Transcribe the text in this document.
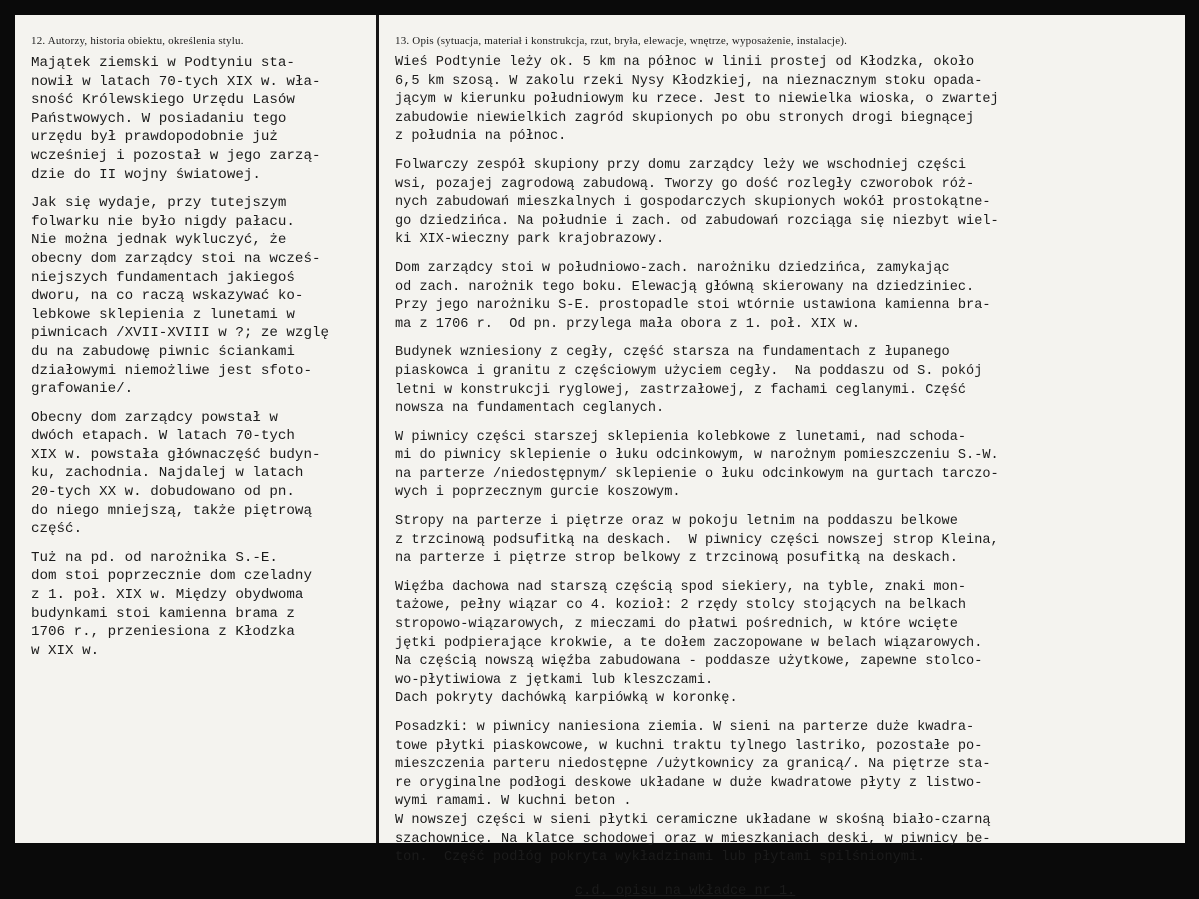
12. Autorzy, historia obiektu, określenia stylu.
Majątek ziemski w Podtyniu sta-
nowił w latach 70-tych XIX w. wła-
sność Królewskiego Urzędu Lasów
Państwowych. W posiadaniu tego
urzędu był prawdopodobnie już
wcześniej i pozostał w jego zarzą-
dzie do II wojny światowej.
Jak się wydaje, przy tutejszym
folwarku nie było nigdy pałacu.
Nie można jednak wykluczyć, że
obecny dom zarządcy stoi na wcześ-
niejszych fundamentach jakiegoś
dworu, na co raczą wskazywać ko-
lebkowe sklepienia z lunetami w
piwnicach /XVII-XVIII w ?; ze wzglę
du na zabudowę piwnic ściankami
działowymi niemożliwe jest sfoto-
grafowanie/.
Obecny dom zarządcy powstał w
dwóch etapach. W latach 70-tych
XIX w. powstała głównaczęść budyn-
ku, zachodnia. Najdalej w latach
20-tych XX w. dobudowano od pn.
do niego mniejszą, także piętrową
część.
Tuż na pd. od narożnika S.-E.
dom stoi poprzecznie dom czeladny
z 1. poł. XIX w. Między obydwoma
budynkami stoi kamienna brama z
1706 r., przeniesiona z Kłodzka
w XIX w.
13. Opis (sytuacja, materiał i konstrukcja, rzut, bryła, elewacje, wnętrze, wyposażenie, instalacje).
Wieś Podtynie leży ok. 5 km na północ w linii prostej od Kłodzka, około
6,5 km szosą. W zakolu rzeki Nysy Kłodzkiej, na nieznacznym stoku opada-
jącym w kierunku południowym ku rzece. Jest to niewielka wioska, o zwartej
zabudowie niewielkich zagród skupionych po obu stronych drogi biegnącej
z południa na północ.
Folwarczy zespół skupiony przy domu zarządcy leży we wschodniej części
wsi, pozajej zagrodową zabudową. Tworzy go dość rozległy czworobok róż-
nych zabudowań mieszkalnych i gospodarczych skupionych wokół prostokątne-
go dziedzińca. Na południe i zach. od zabudowań rozciąga się niezbyt wiel-
ki XIX-wieczny park krajobrazowy.
Dom zarządcy stoi w południowo-zach. narożniku dziedzińca, zamykając
od zach. narożnik tego boku. Elewacją główną skierowany na dziedziniec.
Przy jego narożniku S-E. prostopadle stoi wtórnie ustawiona kamienna bra-
ma z 1706 r.  Od pn. przylega mała obora z 1. poł. XIX w.
Budynek wzniesiony z cegły, część starsza na fundamentach z łupanego
piaskowca i granitu z częściowym użyciem cegły.  Na poddaszu od S. pokój
letni w konstrukcji ryglowej, zastrzałowej, z fachami ceglanymi. Część
nowsza na fundamentach ceglanych.
W piwnicy części starszej sklepienia kolebkowe z lunetami, nad schoda-
mi do piwnicy sklepienie o łuku odcinkowym, w narożnym pomieszczeniu S.-W.
na parterze /niedostępnym/ sklepienie o łuku odcinkowym na gurtach tarczo-
wych i poprzecznym gurcie koszowym.
Stropy na parterze i piętrze oraz w pokoju letnim na poddaszu belkowe
z trzcinową podsufitką na deskach.  W piwnicy części nowszej strop Kleina,
na parterze i piętrze strop belkowy z trzcinową posufitką na deskach.
Więźba dachowa nad starszą częścią spod siekiery, na tyble, znaki mon-
tażowe, pełny wiązar co 4. kozioł: 2 rzędy stolcy stojących na belkach
stropowo-wiązarowych, z mieczami do płatwi pośrednich, w które wcięte
jętki podpierające krokwie, a te dołem zaczopowane w belach wiązarowych.
Na częścią nowszą więźba zabudowana - poddasze użytkowe, zapewne stolco-
wo-płytiwiowa z jętkami lub kleszczami.
Dach pokryty dachówką karpiówką w koronkę.
Posadzki: w piwnicy naniesiona ziemia. W sieni na parterze duże kwadra-
towe płytki piaskowcowe, w kuchni traktu tylnego lastriko, pozostałe po-
mieszczenia parteru niedostępne /użytkownicy za granicą/. Na piętrze sta-
re oryginalne podłogi deskowe układane w duże kwadratowe płyty z listwo-
wymi ramami. W kuchni beton .
W nowszej części w sieni płytki ceramiczne układane w skośną biało-czarną
szachownicę. Na klatce schodowej oraz w mieszkaniach deski, w piwnicy be-
ton.  Część podłóg pokryta wykładzinami lub płytami spilśnionymi.
c.d. opisu na wkładce nr 1.
